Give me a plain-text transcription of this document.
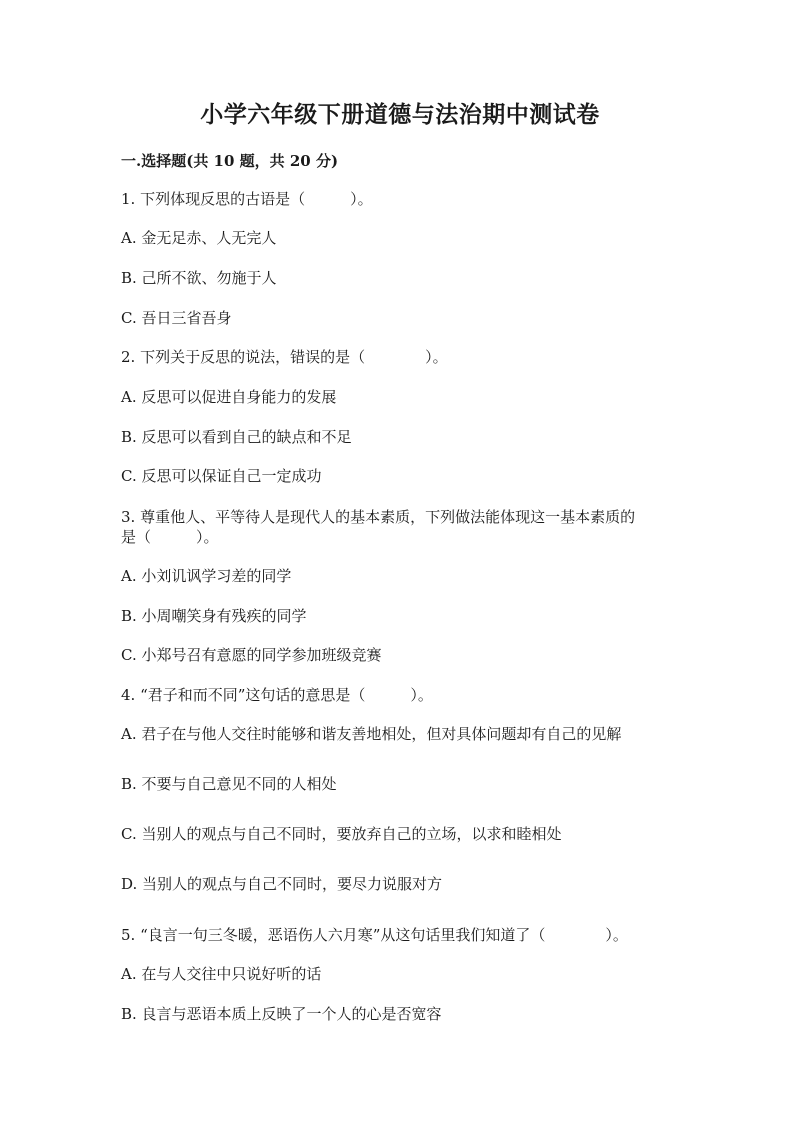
小学六年级下册道德与法治期中测试卷
一.选择题(共 10 题，共 20 分)
1. 下列体现反思的古语是（　　　）。
A. 金无足赤、人无完人
B. 己所不欲、勿施于人
C. 吾日三省吾身
2. 下列关于反思的说法，错误的是（　　　　）。
A. 反思可以促进自身能力的发展
B. 反思可以看到自己的缺点和不足
C. 反思可以保证自己一定成功
3. 尊重他人、平等待人是现代人的基本素质，下列做法能体现这一基本素质的
是（　　　）。
A. 小刘讥讽学习差的同学
B. 小周嘲笑身有残疾的同学
C. 小郑号召有意愿的同学参加班级竞赛
4. “君子和而不同”这句话的意思是（　　　）。
A. 君子在与他人交往时能够和谐友善地相处，但对具体问题却有自己的见解
B. 不要与自己意见不同的人相处
C. 当别人的观点与自己不同时，要放弃自己的立场，以求和睦相处
D. 当别人的观点与自己不同时，要尽力说服对方
5. “良言一句三冬暖，恶语伤人六月寒”从这句话里我们知道了（　　　　）。
A. 在与人交往中只说好听的话
B. 良言与恶语本质上反映了一个人的心是否宽容
